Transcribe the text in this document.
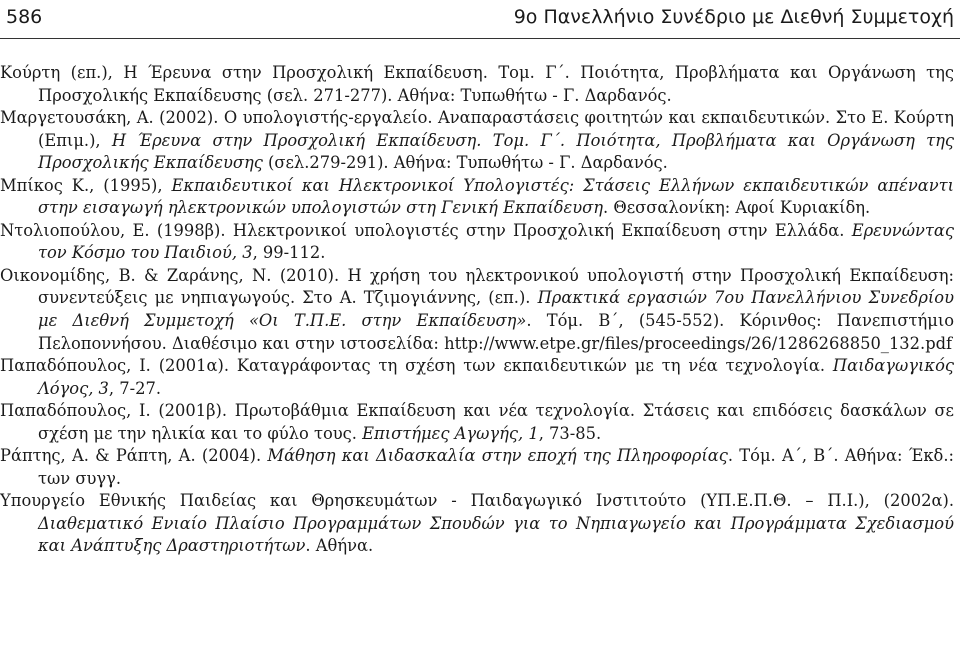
586	9ο Πανελλήνιο Συνέδριο με Διεθνή Συμμετοχή

Κούρτη (επ.), Η Έρευνα στην Προσχολική Εκπαίδευση. Τομ. Γ΄. Ποιότητα, Προβλήματα και Οργάνωση της Προσχολικής Εκπαίδευσης (σελ. 271-277). Αθήνα: Τυπωθήτω - Γ. Δαρδανός.

Μαργετουσάκη, Α. (2002). Ο υπολογιστής-εργαλείο. Αναπαραστάσεις φοιτητών και εκπαιδευτικών. Στο Ε. Κούρτη (Επιμ.), Η Έρευνα στην Προσχολική Εκπαίδευση. Τομ. Γ΄. Ποιότητα, Προβλήματα και Οργάνωση της Προσχολικής Εκπαίδευσης (σελ.279-291). Αθήνα: Τυπωθήτω - Γ. Δαρδανός.

Μπίκος Κ., (1995), Εκπαιδευτικοί και Ηλεκτρονικοί Υπολογιστές: Στάσεις Ελλήνων εκπαιδευτικών απέναντι στην εισαγωγή ηλεκτρονικών υπολογιστών στη Γενική Εκπαίδευση. Θεσσαλονίκη: Αφοί Κυριακίδη.

Ντολιοπούλου, Ε. (1998β). Ηλεκτρονικοί υπολογιστές στην Προσχολική Εκπαίδευση στην Ελλάδα. Ερευνώντας τον Κόσμο του Παιδιού, 3, 99-112.

Οικονομίδης, Β. & Ζαράνης, Ν. (2010). Η χρήση του ηλεκτρονικού υπολογιστή στην Προσχολική Εκπαίδευση: συνεντεύξεις με νηπιαγωγούς. Στο Α. Τζιμογιάννης, (επ.). Πρακτικά εργασιών 7ου Πανελλήνιου Συνεδρίου με Διεθνή Συμμετοχή «Οι Τ.Π.Ε. στην Εκπαίδευση». Τόμ. Β΄, (545-552). Κόρινθος: Πανεπιστήμιο Πελοποννήσου. Διαθέσιμο και στην ιστοσελίδα: http://www.etpe.gr/files/proceedings/26/1286268850_132.pdf

Παπαδόπουλος, Ι. (2001α). Καταγράφοντας τη σχέση των εκπαιδευτικών με τη νέα τεχνολογία. Παιδαγωγικός Λόγος, 3, 7-27.

Παπαδόπουλος, Ι. (2001β). Πρωτοβάθμια Εκπαίδευση και νέα τεχνολογία. Στάσεις και επιδόσεις δασκάλων σε σχέση με την ηλικία και το φύλο τους. Επιστήμες Αγωγής, 1, 73-85.

Ράπτης, Α. & Ράπτη, Α. (2004). Μάθηση και Διδασκαλία στην εποχή της Πληροφορίας. Τόμ. Α΄, Β΄. Αθήνα: Έκδ.: των συγγ.

Υπουργείο Εθνικής Παιδείας και Θρησκευμάτων - Παιδαγωγικό Ινστιτούτο (ΥΠ.Ε.Π.Θ. – Π.Ι.), (2002α). Διαθεματικό Ενιαίο Πλαίσιο Προγραμμάτων Σπουδών για το Νηπιαγωγείο και Προγράμματα Σχεδιασμού και Ανάπτυξης Δραστηριοτήτων. Αθήνα.
